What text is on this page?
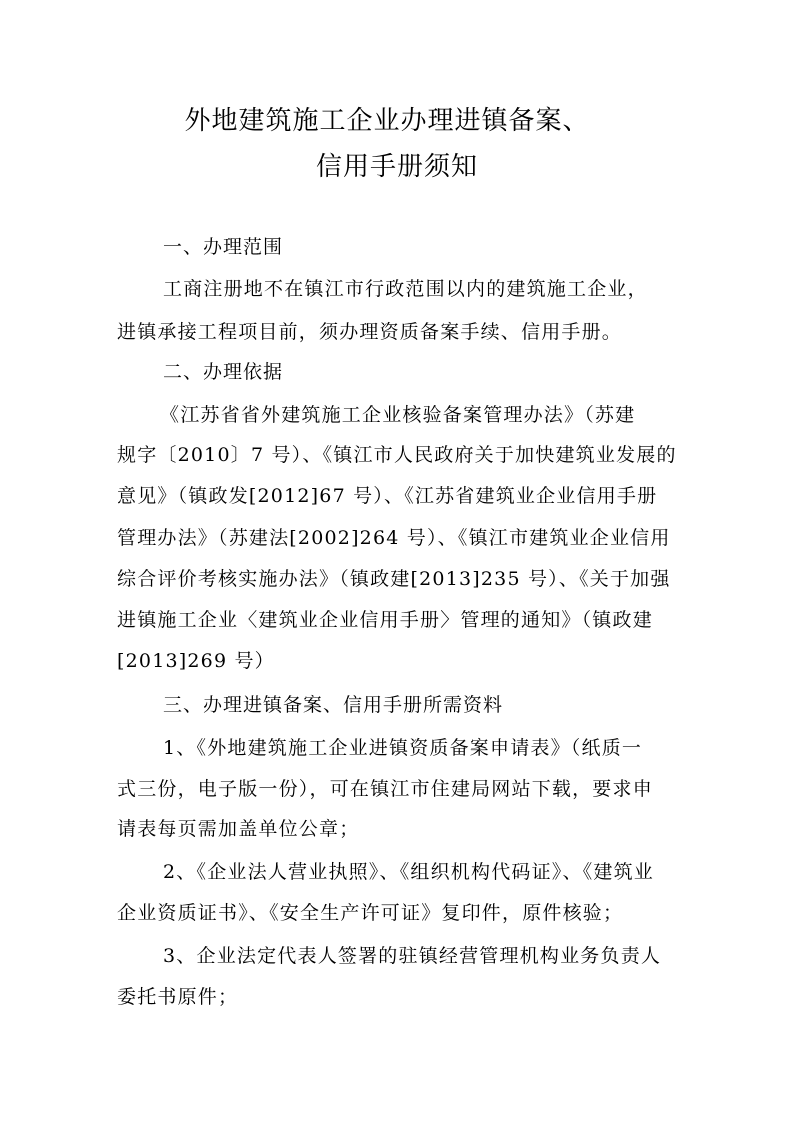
外地建筑施工企业办理进镇备案、
信用手册须知
一、办理范围
工商注册地不在镇江市行政范围以内的建筑施工企业，
进镇承接工程项目前，须办理资质备案手续、信用手册。
二、办理依据
《江苏省省外建筑施工企业核验备案管理办法》（苏建
规字〔2010〕7 号）、《镇江市人民政府关于加快建筑业发展的
意见》（镇政发[2012]67 号）、《江苏省建筑业企业信用手册
管理办法》（苏建法[2002]264 号）、《镇江市建筑业企业信用
综合评价考核实施办法》（镇政建[2013]235 号）、《关于加强
进镇施工企业〈建筑业企业信用手册〉管理的通知》（镇政建
[2013]269 号）
三、办理进镇备案、信用手册所需资料
1、《外地建筑施工企业进镇资质备案申请表》（纸质一
式三份，电子版一份），可在镇江市住建局网站下载，要求申
请表每页需加盖单位公章；
2、《企业法人营业执照》、《组织机构代码证》、《建筑业
企业资质证书》、《安全生产许可证》复印件，原件核验；
3、企业法定代表人签署的驻镇经营管理机构业务负责人
委托书原件；
